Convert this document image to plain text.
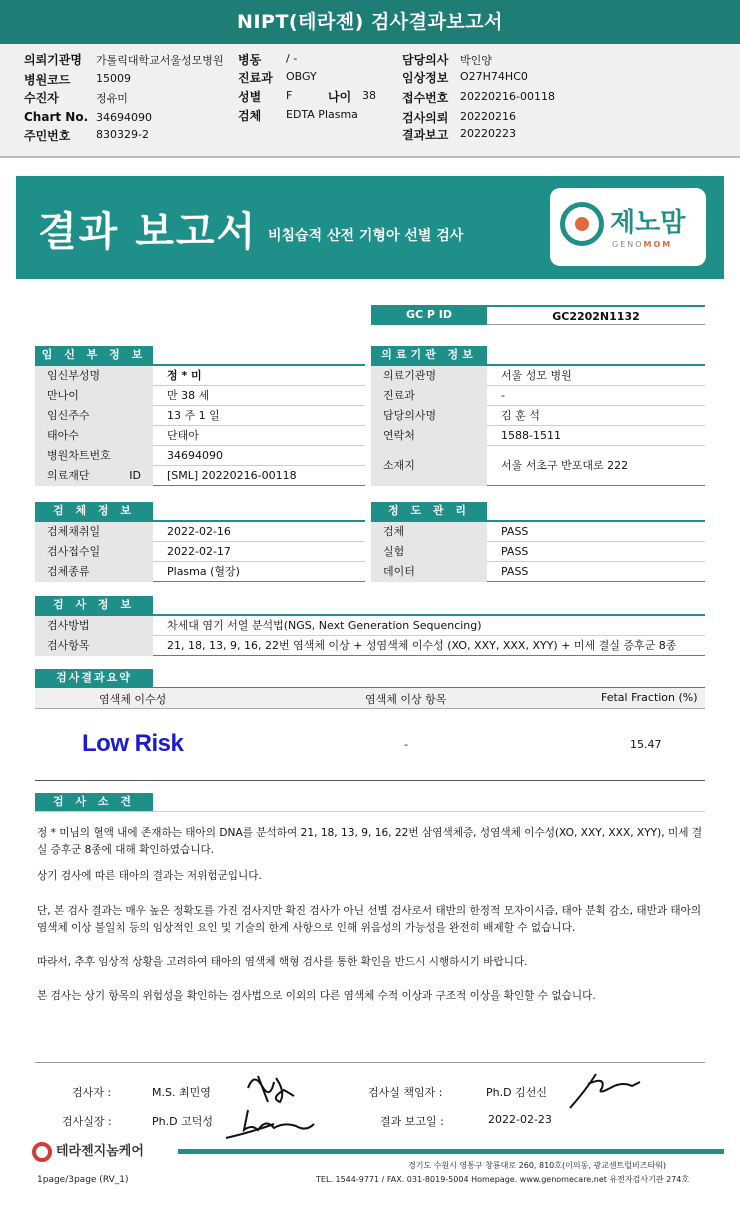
NIPT(테라젠) 검사결과보고서
의뢰기관명 가톨릭대학교서울성모병원
병원코드 15009
수진자	정유미
Chart No. 34694090
주민번호 830329-2
병동 / -
진료과 OBGY
성별 F	나이 38
검체 EDTA Plasma
담당의사 박인양
임상정보 O27H74HC0
접수번호 20220216-00118
검사의뢰 20220216
결과보고 20220223
결과 보고서 비침습적 산전 기형아 선별 검사	제노맘
GENOMOM
GC P ID	GC2202N1132
임 신 부 정 보
임신부성명	정 * 미
만나이	만 38 세
임신주수	13 주 1 일
태아수	단태아
병원차트번호	34694090
의료재단 ID	[SML] 20220216-00118
의료기관 정보
의료기관명	서울 성모 병원
진료과	-
담당의사명	김 훈 석
연락처	1588-1511
소재지	서울 서초구 반포대로 222
검 체 정 보
검체채취일	2022-02-16
검사접수일	2022-02-17
검체종류	Plasma (혈장)
정 도 관 리
검체	PASS
실험	PASS
데이터	PASS
검 사 정 보
검사방법	차세대 염기 서열 분석법(NGS, Next Generation Sequencing)
검사항목	21, 18, 13, 9, 16, 22번 염색체 이상 + 성염색체 이수성 (XO, XXY, XXX, XYY) + 미세 결실 증후군 8종
검사결과요약
염색체 이수성	염색체 이상 항목	Fetal Fraction (%)
Low Risk	-	15.47
검 사 소 견
정 * 미님의 혈액 내에 존재하는 태아의 DNA를 분석하여 21, 18, 13, 9, 16, 22번 삼염색체증, 성염색체 이수성(XO, XXY, XXX, XYY), 미세 결실 증후군 8종에 대해 확인하였습니다.
상기 검사에 따른 태아의 결과는 저위험군입니다.
단, 본 검사 결과는 매우 높은 정확도를 가진 검사지만 확진 검사가 아닌 선별 검사로서 태반의 한정적 모자이시즘, 태아 분획 감소, 태반과 태아의 염색체 이상 불일치 등의 임상적인 요인 및 기술의 한계 사항으로 인해 위음성의 가능성을 완전히 배제할 수 없습니다.
따라서, 추후 임상적 상황을 고려하여 태아의 염색체 핵형 검사를 통한 확인을 반드시 시행하시기 바랍니다.
본 검사는 상기 항목의 위험성을 확인하는 검사법으로 이외의 다른 염색체 수적 이상과 구조적 이상을 확인할 수 없습니다.
검사자 :	M.S. 최민영
검사실장 :	Ph.D 고덕성
검사실 책임자 :	Ph.D 김선신
결과 보고일 :	2022-02-23
테라젠지놈케어
경기도 수원시 영통구 창룡대로 260, 810호(이의동, 광교센트럴비즈타워)
TEL. 1544-9771 / FAX. 031-8019-5004 Homepage. www.genomecare.net 유전자검사기관 274호
1page/3page (RV_1)
